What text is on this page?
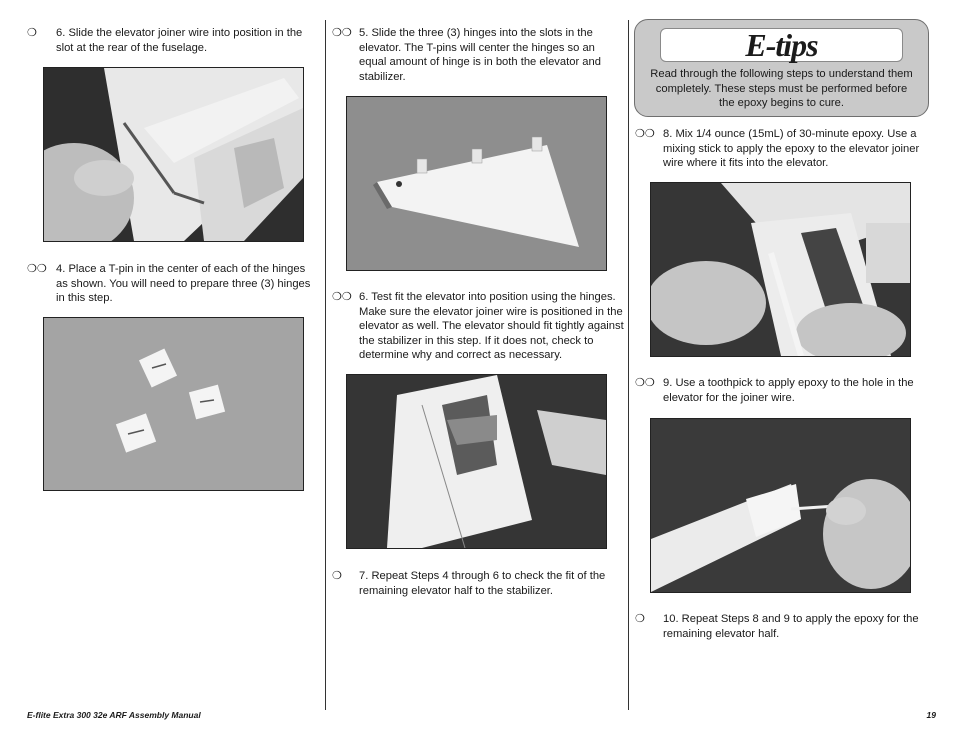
❍	6. Slide the elevator joiner wire into position in the slot at the rear of the fuselage.
❍❍ 4. Place a T-pin in the center of each of the hinges as shown. You will need to prepare three (3) hinges in this step.
❍❍ 5. Slide the three (3) hinges into the slots in the elevator. The T-pins will center the hinges so an equal amount of hinge is in both the elevator and stabilizer.
❍❍ 6. Test fit the elevator into position using the hinges. Make sure the elevator joiner wire is positioned in the elevator as well. The elevator should fit tightly against the stabilizer in this step. If it does not, check to determine why and correct as necessary.
❍	7. Repeat Steps 4 through 6 to check the fit of the remaining elevator half to the stabilizer.
E-tips
Read through the following steps to understand them completely. These steps must be performed before the epoxy begins to cure.
❍❍ 8. Mix 1/4 ounce (15mL) of 30-minute epoxy. Use a mixing stick to apply the epoxy to the elevator joiner wire where it fits into the elevator.
❍❍ 9. Use a toothpick to apply epoxy to the hole in the elevator for the joiner wire.
❍	10. Repeat Steps 8 and 9 to apply the epoxy for the remaining elevator half.
E-flite Extra 300 32e ARF Assembly Manual	19
